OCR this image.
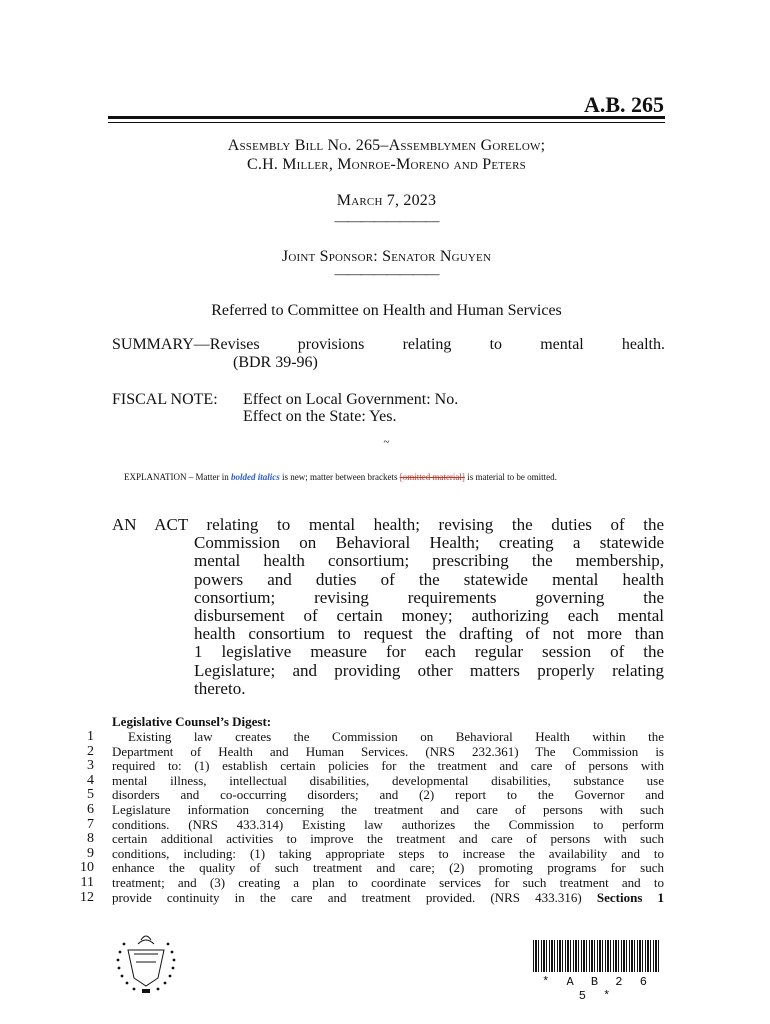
A.B. 265
Assembly Bill No. 265–Assemblymen Gorelow;
C.H. Miller, Monroe-Moreno and Peters
March 7, 2023
————————
Joint Sponsor: Senator Nguyen
————————
Referred to Committee on Health and Human Services
SUMMARY—Revises provisions relating to mental health.
(BDR 39-96)
FISCAL NOTE: Effect on Local Government: No.
Effect on the State: Yes.
~
EXPLANATION – Matter in bolded italics is new; matter between brackets [omitted material] is material to be omitted.

AN ACT relating to mental health; revising the duties of the

Commission on Behavioral Health; creating a statewide

mental health consortium; prescribing the membership,

powers and duties of the statewide mental health

consortium; revising requirements governing the

disbursement of certain money; authorizing each mental

health consortium to request the drafting of not more than

1 legislative measure for each regular session of the

Legislature; and providing other matters properly relating

thereto.

Legislative Counsel’s Digest:
1
2
3
4
5
6
7
8
9
10
11
12

Existing law creates the Commission on Behavioral Health within the

Department of Health and Human Services. (NRS 232.361) The Commission is

required to: (1) establish certain policies for the treatment and care of persons with

mental illness, intellectual disabilities, developmental disabilities, substance use

disorders and co-occurring disorders; and (2) report to the Governor and

Legislature information concerning the treatment and care of persons with such

conditions. (NRS 433.314) Existing law authorizes the Commission to perform

certain additional activities to improve the treatment and care of persons with such

conditions, including: (1) taking appropriate steps to increase the availability and to

enhance the quality of such treatment and care; (2) promoting programs for such

treatment; and (3) creating a plan to coordinate services for such treatment and to

provide continuity in the care and treatment provided. (NRS 433.316) Sections 1

* A B 2 6 5 *
